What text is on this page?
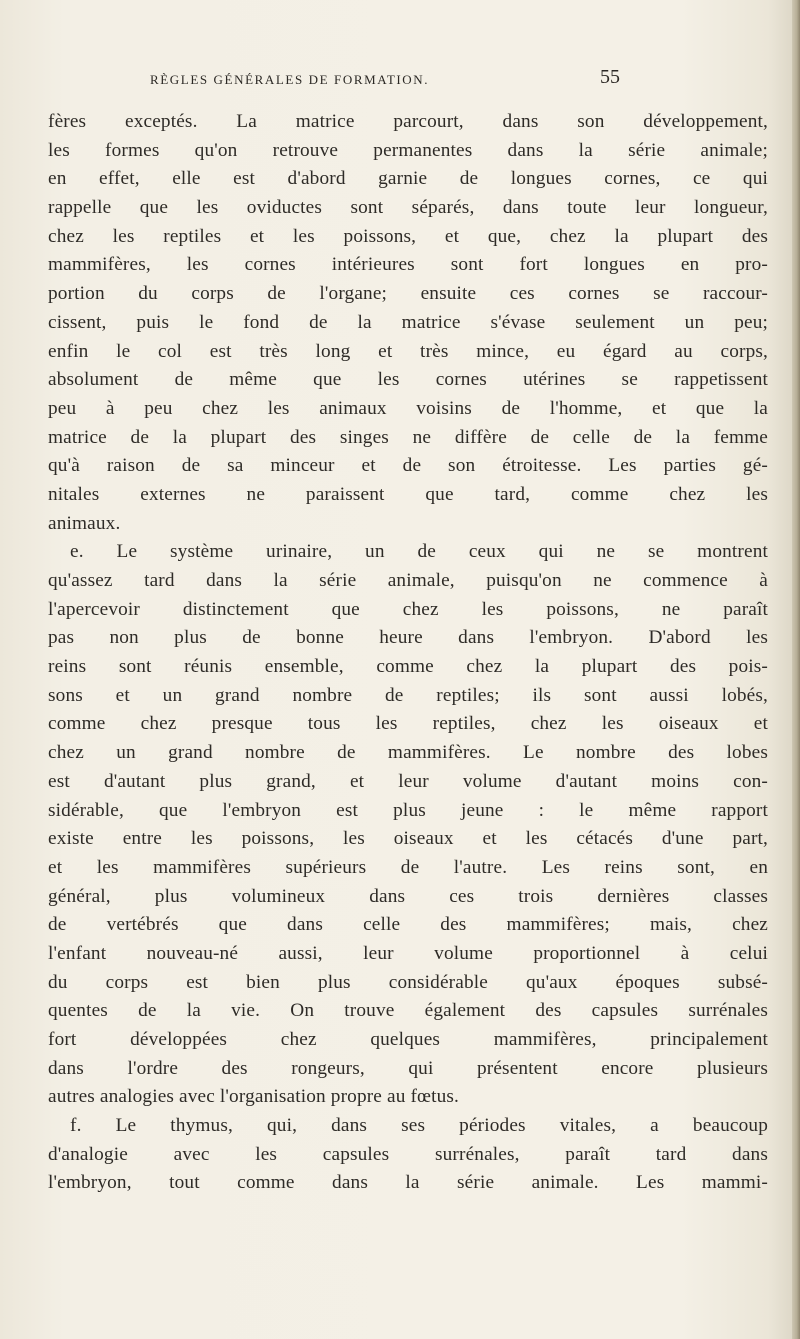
RÈGLES GÉNÉRALES DE FORMATION.	55
fères exceptés. La matrice parcourt, dans son développement,
les formes qu'on retrouve permanentes dans la série animale;
en effet, elle est d'abord garnie de longues cornes, ce qui
rappelle que les oviductes sont séparés, dans toute leur longueur,
chez les reptiles et les poissons, et que, chez la plupart des
mammifères, les cornes intérieures sont fort longues en pro-
portion du corps de l'organe; ensuite ces cornes se raccour-
cissent, puis le fond de la matrice s'évase seulement un peu;
enfin le col est très long et très mince, eu égard au corps,
absolument de même que les cornes utérines se rappetissent
peu à peu chez les animaux voisins de l'homme, et que la
matrice de la plupart des singes ne diffère de celle de la femme
qu'à raison de sa minceur et de son étroitesse. Les parties gé-
nitales externes ne paraissent que tard, comme chez les
animaux.
e. Le système urinaire, un de ceux qui ne se montrent
qu'assez tard dans la série animale, puisqu'on ne commence à
l'apercevoir distinctement que chez les poissons, ne paraît
pas non plus de bonne heure dans l'embryon. D'abord les
reins sont réunis ensemble, comme chez la plupart des pois-
sons et un grand nombre de reptiles; ils sont aussi lobés,
comme chez presque tous les reptiles, chez les oiseaux et
chez un grand nombre de mammifères. Le nombre des lobes
est d'autant plus grand, et leur volume d'autant moins con-
sidérable, que l'embryon est plus jeune : le même rapport
existe entre les poissons, les oiseaux et les cétacés d'une part,
et les mammifères supérieurs de l'autre. Les reins sont, en
général, plus volumineux dans ces trois dernières classes
de vertébrés que dans celle des mammifères; mais, chez
l'enfant nouveau-né aussi, leur volume proportionnel à celui
du corps est bien plus considérable qu'aux époques subsé-
quentes de la vie. On trouve également des capsules surrénales
fort développées chez quelques mammifères, principalement
dans l'ordre des rongeurs, qui présentent encore plusieurs
autres analogies avec l'organisation propre au fœtus.
f. Le thymus, qui, dans ses périodes vitales, a beaucoup
d'analogie avec les capsules surrénales, paraît tard dans
l'embryon, tout comme dans la série animale. Les mammi-
